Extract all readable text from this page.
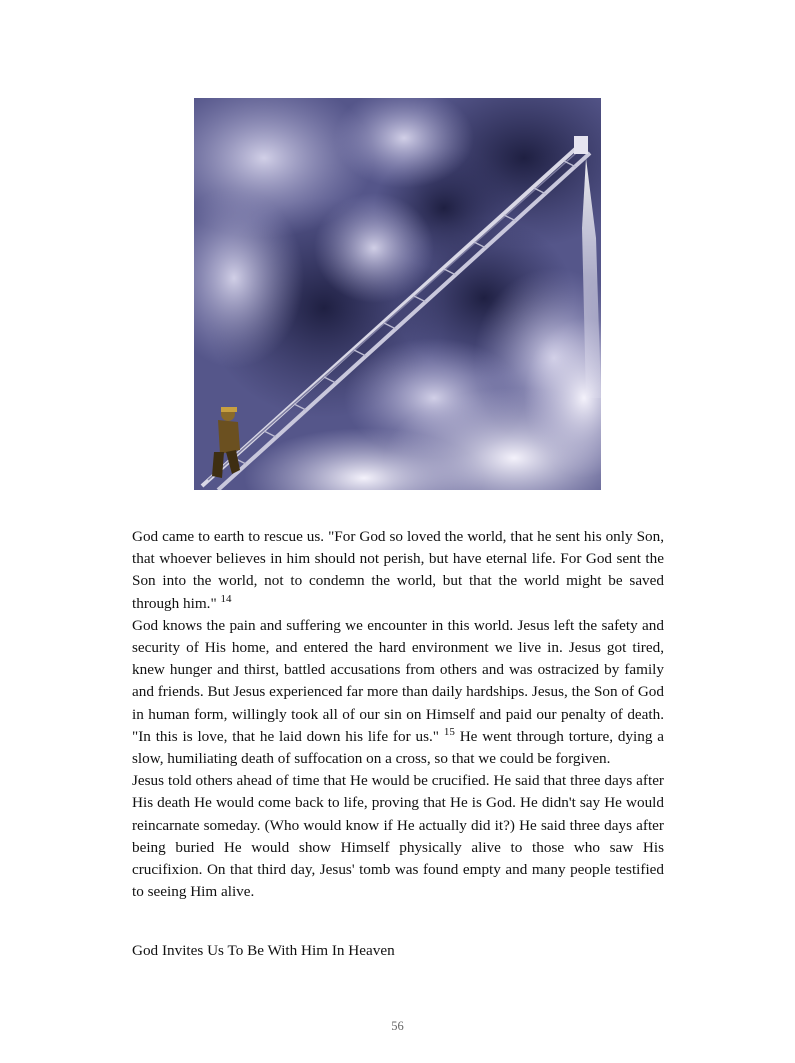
God came to earth to rescue us. "For God so loved the world, that he sent his only Son, that whoever believes in him should not perish, but have eternal life. For God sent the Son into the world, not to condemn the world, but that the world might be saved through him." $^{14}$

God knows the pain and suffering we encounter in this world. Jesus left the safety and security of His home, and entered the hard environment we live in. Jesus got tired, knew hunger and thirst, battled accusations from others and was ostracized by family and friends. But Jesus experienced far more than daily hardships. Jesus, the Son of God in human form, willingly took all of our sin on Himself and paid our penalty of death. "In this is love, that he laid down his life for us." $^{15}$ He went through torture, dying a slow, humiliating death of suffocation on a cross, so that we could be forgiven.

Jesus told others ahead of time that He would be crucified. He said that three days after His death He would come back to life, proving that He is God. He didn't say He would reincarnate someday. (Who would know if He actually did it?) He said three days after being buried He would show Himself physically alive to those who saw His crucifixion. On that third day, Jesus' tomb was found empty and many people testified to seeing Him alive.

God Invites Us To Be With Him In Heaven
56
